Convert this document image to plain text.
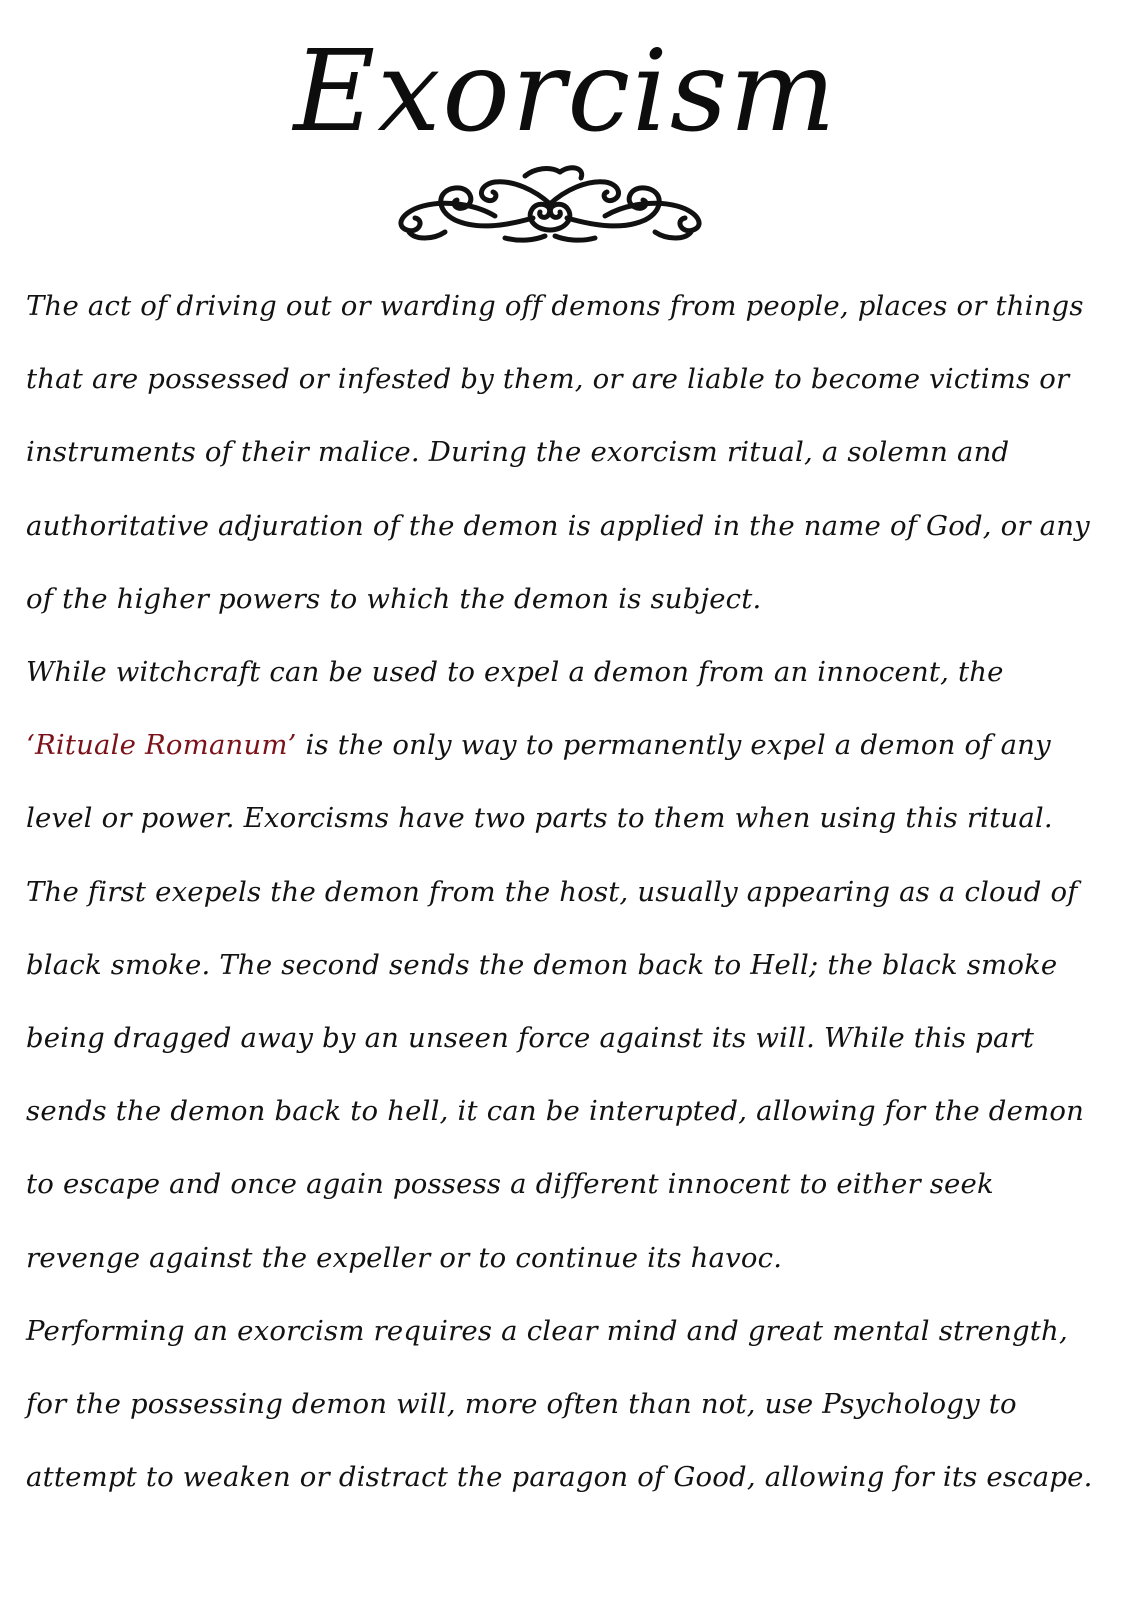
Exorcism

The act of driving out or warding off demons from people, places or things that are possessed or infested by them, or are liable to become victims or instruments of their malice. During the exorcism ritual, a solemn and authoritative adjuration of the demon is applied in the name of God, or any of the higher powers to which the demon is subject.

While witchcraft can be used to expel a demon from an innocent, the ‘Rituale Romanum’ is the only way to permanently expel a demon of any level or power. Exorcisms have two parts to them when using this ritual.

The first exepels the demon from the host, usually appearing as a cloud of black smoke. The second sends the demon back to Hell; the black smoke being dragged away by an unseen force against its will. While this part sends the demon back to hell, it can be interupted, allowing for the demon to escape and once again possess a different innocent to either seek revenge against the expeller or to continue its havoc.

Performing an exorcism requires a clear mind and great mental strength, for the possessing demon will, more often than not, use Psychology to attempt to weaken or distract the paragon of Good, allowing for its escape.
